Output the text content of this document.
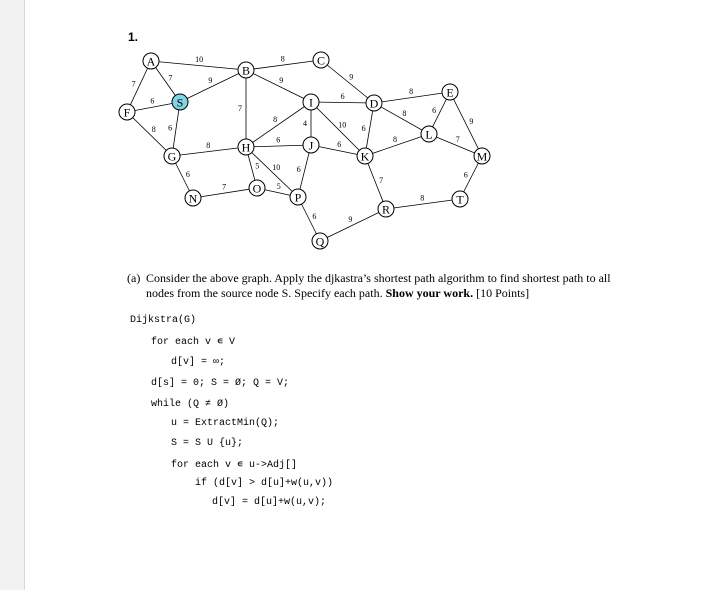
1.
10
7
7
6
9
8 6
8
9
7
9
6
8	4	10
8
6
8	6
9
8	7
8
6
6
5 10
6
6
7
6
7	5
6	9
8
A
B
C
S
F
I	D
E
L
H	J
K
G	M
O
N	P
R
T
Q
(a) Consider the above graph. Apply the djkastra’s shortest path algorithm to find shortest path to all
nodes from the source node S. Specify each path. Show your work. [10 Points]
Dijkstra(G)
for each v ∊ V
d[v] = ∞;
d[s] = 0; S = Ø; Q = V;
while (Q ≠ Ø)
u = ExtractMin(Q);
S = S U {u};
for each v ∊ u->Adj[]
if (d[v] > d[u]+w(u,v))
d[v] = d[u]+w(u,v);
